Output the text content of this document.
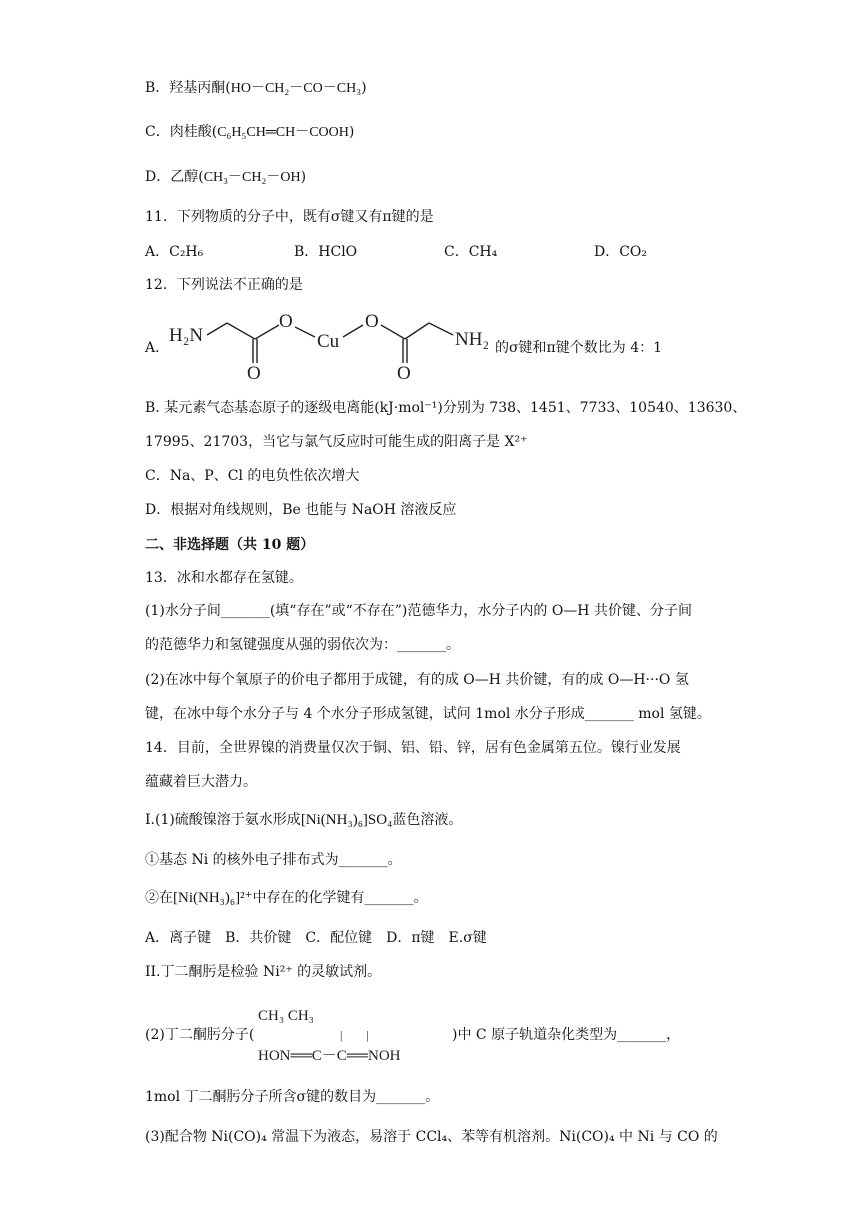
B．羟基丙酮(HO－CH₂－CO－CH₃)
C．肉桂酸(C₆H₅CH═CH－COOH)
D．乙醇(CH₃－CH₂－OH)
11．下列物质的分子中，既有σ键又有π键的是
A．C₂H₆	B．HClO	C．CH₄	D．CO₂
12．下列说法不正确的是
A．
H₂N
O
Cu
O
NH₂
O	O
的σ键和π键个数比为 4：1
B. 某元素气态基态原子的逐级电离能(kJ·mol⁻¹)分别为 738、1451、7733、10540、13630、
17995、21703，当它与氯气反应时可能生成的阳离子是 X²⁺
C．Na、P、Cl 的电负性依次增大
D．根据对角线规则，Be 也能与 NaOH 溶液反应
二、非选择题（共 10 题）
13．冰和水都存在氢键。
(1)水分子间_______(填“存在”或“不存在”)范德华力，水分子内的 O—H 共价键、分子间
的范德华力和氢键强度从强的弱依次为：_______。
(2)在冰中每个氧原子的价电子都用于成键，有的成 O—H 共价键，有的成 O—H···O 氢
键，在冰中每个水分子与 4 个水分子形成氢键，试问 1mol 水分子形成_______ mol 氢键。
14．目前，全世界镍的消费量仅次于铜、铝、铅、锌，居有色金属第五位。镍行业发展
蕴藏着巨大潜力。
I.(1)硫酸镍溶于氨水形成[Ni(NH₃)₆]SO₄蓝色溶液。
①基态 Ni 的核外电子排布式为_______。
②在[Ni(NH₃)₆]²⁺中存在的化学键有_______。
A．离子键　B．共价键　C．配位键　D．π键　E.σ键
II.丁二酮肟是检验 Ni²⁺ 的灵敏试剂。
(2)丁二酮肟分子(
CH₃ CH₃
|　　|
HON══C－C══NOH
)中 C 原子轨道杂化类型为_______，
1mol 丁二酮肟分子所含σ键的数目为_______。
(3)配合物 Ni(CO)₄ 常温下为液态，易溶于 CCl₄、苯等有机溶剂。Ni(CO)₄ 中 Ni 与 CO 的
